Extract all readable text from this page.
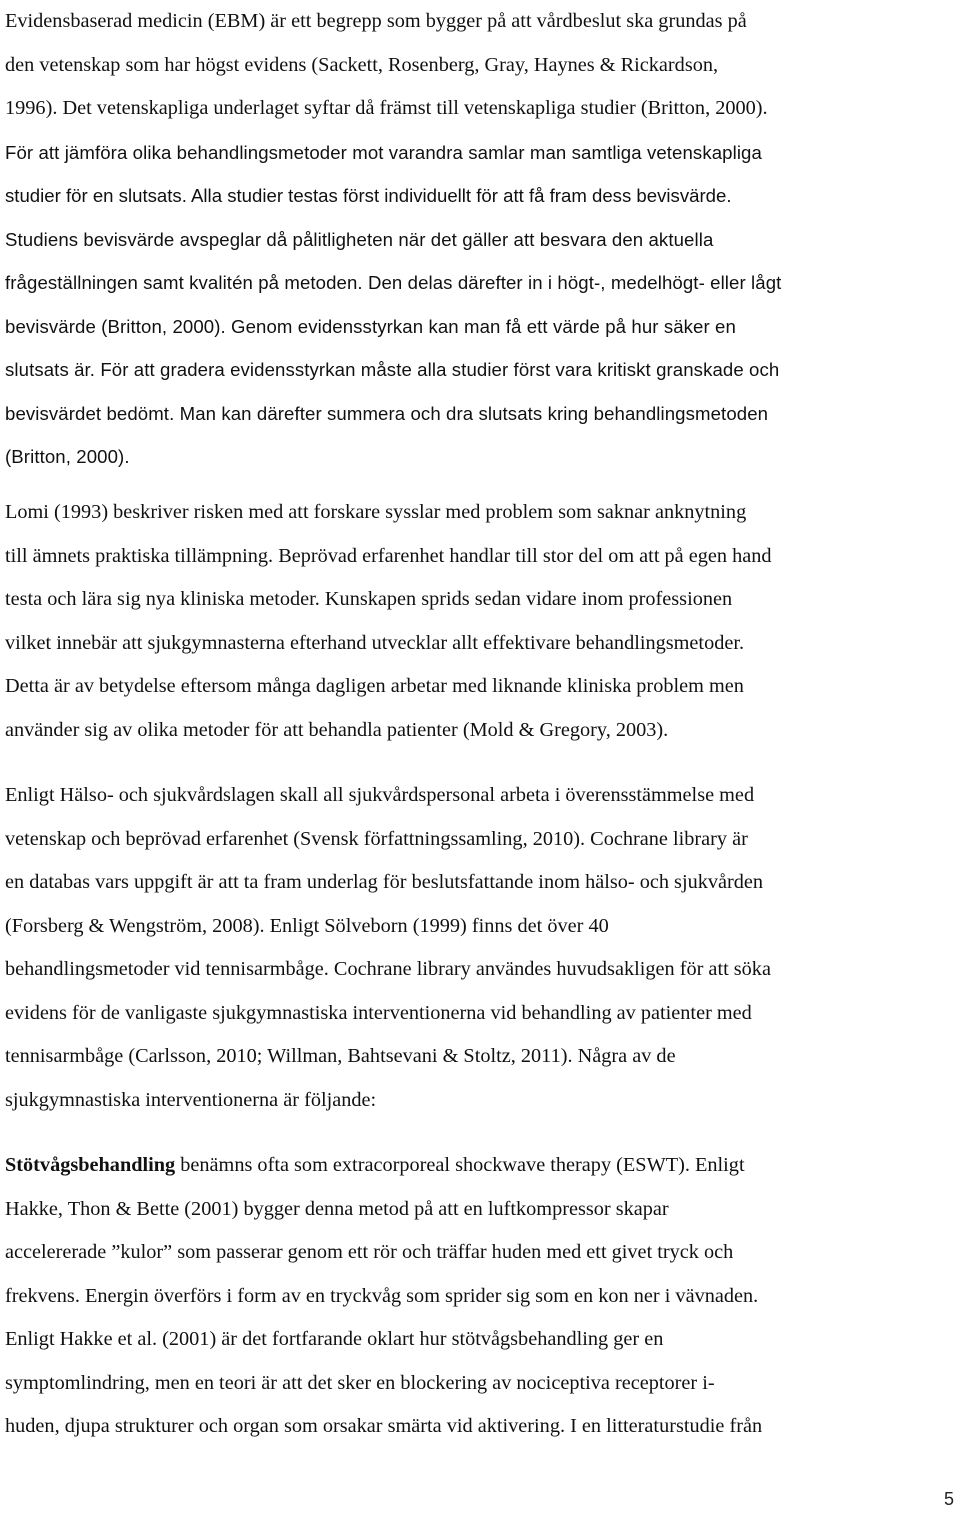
Evidensbaserad medicin (EBM) är ett begrepp som bygger på att vårdbeslut ska grundas på
den vetenskap som har högst evidens (Sackett, Rosenberg, Gray, Haynes & Rickardson,
1996). Det vetenskapliga underlaget syftar då främst till vetenskapliga studier (Britton, 2000).
För att jämföra olika behandlingsmetoder mot varandra samlar man samtliga vetenskapliga
studier för en slutsats. Alla studier testas först individuellt för att få fram dess bevisvärde.
Studiens bevisvärde avspeglar då pålitligheten när det gäller att besvara den aktuella
frågeställningen samt kvalitén på metoden. Den delas därefter in i högt-, medelhögt- eller lågt
bevisvärde (Britton, 2000). Genom evidensstyrkan kan man få ett värde på hur säker en
slutsats är. För att gradera evidensstyrkan måste alla studier först vara kritiskt granskade och
bevisvärdet bedömt. Man kan därefter summera och dra slutsats kring behandlingsmetoden
(Britton, 2000).
Lomi (1993) beskriver risken med att forskare sysslar med problem som saknar anknytning
till ämnets praktiska tillämpning. Beprövad erfarenhet handlar till stor del om att på egen hand
testa och lära sig nya kliniska metoder. Kunskapen sprids sedan vidare inom professionen
vilket innebär att sjukgymnasterna efterhand utvecklar allt effektivare behandlingsmetoder.
Detta är av betydelse eftersom många dagligen arbetar med liknande kliniska problem men
använder sig av olika metoder för att behandla patienter (Mold & Gregory, 2003).
Enligt Hälso- och sjukvårdslagen skall all sjukvårdspersonal arbeta i överensstämmelse med
vetenskap och beprövad erfarenhet (Svensk författningssamling, 2010). Cochrane library är
en databas vars uppgift är att ta fram underlag för beslutsfattande inom hälso- och sjukvården
(Forsberg & Wengström, 2008). Enligt Sölveborn (1999) finns det över 40
behandlingsmetoder vid tennisarmbåge. Cochrane library användes huvudsakligen för att söka
evidens för de vanligaste sjukgymnastiska interventionerna vid behandling av patienter med
tennisarmbåge (Carlsson, 2010; Willman, Bahtsevani & Stoltz, 2011). Några av de
sjukgymnastiska interventionerna är följande:
Stötvågsbehandling benämns ofta som extracorporeal shockwave therapy (ESWT). Enligt
Hakke, Thon & Bette (2001) bygger denna metod på att en luftkompressor skapar
accelererade ”kulor” som passerar genom ett rör och träffar huden med ett givet tryck och
frekvens. Energin överförs i form av en tryckvåg som sprider sig som en kon ner i vävnaden.
Enligt Hakke et al. (2001) är det fortfarande oklart hur stötvågsbehandling ger en
symptomlindring, men en teori är att det sker en blockering av nociceptiva receptorer i-
huden, djupa strukturer och organ som orsakar smärta vid aktivering. I en litteraturstudie från
5
